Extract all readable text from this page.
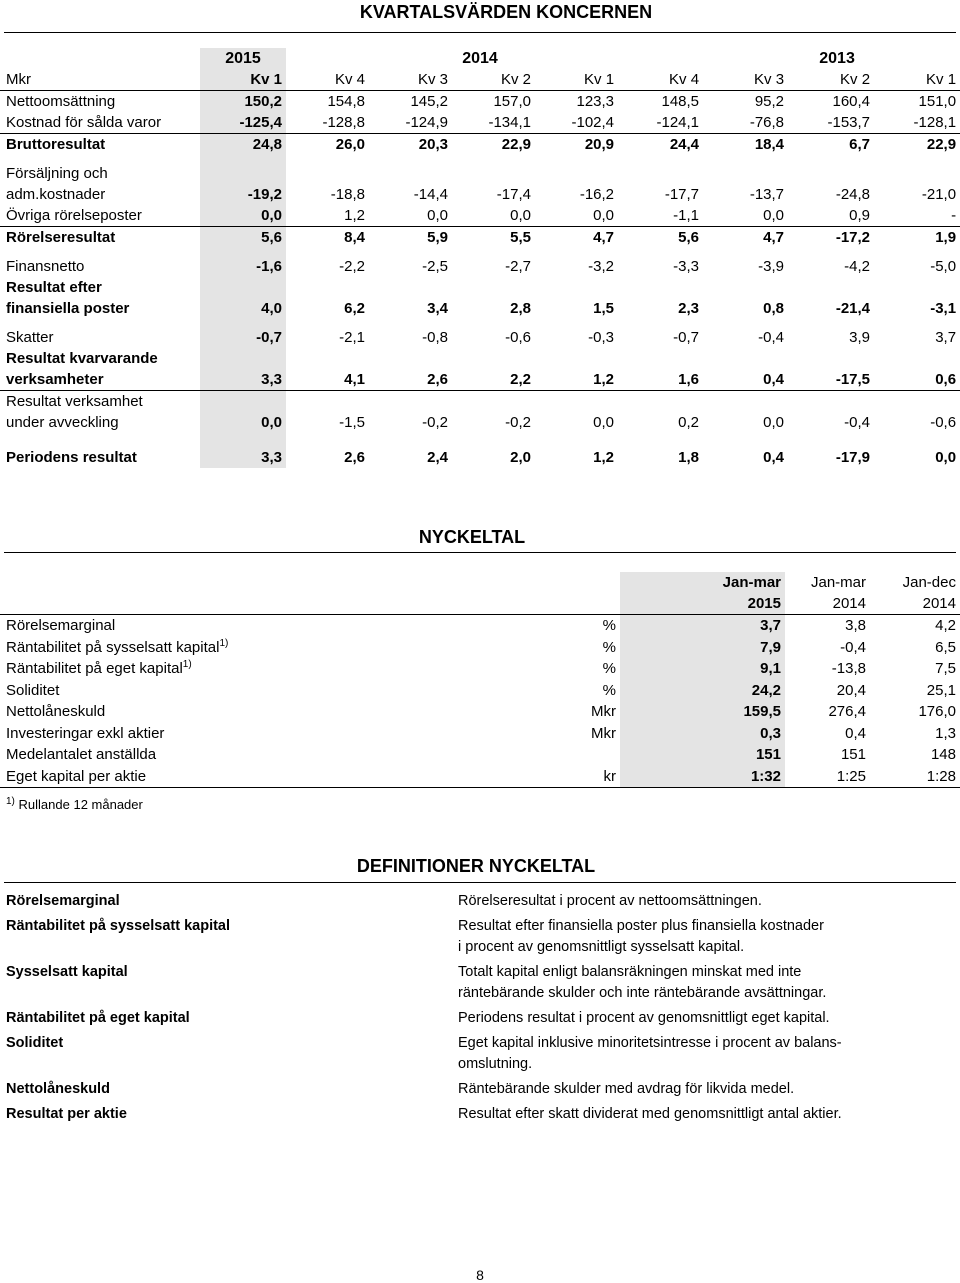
KVARTALSVÄRDEN KONCERNEN
	2015	2014				2013			
Mkr	Kv 1	Kv 4	Kv 3	Kv 2	Kv 1	Kv 4	Kv 3	Kv 2	Kv 1

Nettoomsättning	150,2	154,8	145,2	157,0	123,3	148,5	95,2	160,4	151,0

Kostnad för sålda varor	-125,4	-128,8	-124,9	-134,1	-102,4	-124,1	-76,8	-153,7	-128,1

Bruttoresultat	24,8	26,0	20,3	22,9	20,9	24,4	18,4	6,7	22,9

Försäljning och
adm.kostnader	-19,2	-18,8	-14,4	-17,4	-16,2	-17,7	-13,7	-24,8	-21,0

Övriga rörelseposter	0,0	1,2	0,0	0,0	0,0	-1,1	0,0	0,9	-

Rörelseresultat	5,6	8,4	5,9	5,5	4,7	5,6	4,7	-17,2	1,9

Finansnetto	-1,6	-2,2	-2,5	-2,7	-3,2	-3,3	-3,9	-4,2	-5,0

Resultat efter
finansiella poster	4,0	6,2	3,4	2,8	1,5	2,3	0,8	-21,4	-3,1

Skatter	-0,7	-2,1	-0,8	-0,6	-0,3	-0,7	-0,4	3,9	3,7

Resultat kvarvarande
verksamheter	3,3	4,1	2,6	2,2	1,2	1,6	0,4	-17,5	0,6

Resultat verksamhet
under avveckling	0,0	-1,5	-0,2	-0,2	0,0	0,2	0,0	-0,4	-0,6

Periodens resultat	3,3	2,6	2,4	2,0	1,2	1,8	0,4	-17,9	0,0
NYCKELTAL
		Jan-mar	Jan-mar	Jan-dec
		2015	2014	2014
Rörelsemarginal	%	3,7	3,8	4,2
Räntabilitet på sysselsatt kapital$^{1)}$	%	7,9	-0,4	6,5
Räntabilitet på eget kapital$^{1)}$	%	9,1	-13,8	7,5
Soliditet	%	24,2	20,4	25,1
Nettolåneskuld	Mkr	159,5	276,4	176,0
Investeringar exkl aktier	Mkr	0,3	0,4	1,3
Medelantalet anställda		151	151	148
Eget kapital per aktie	kr	1:32	1:25	1:28
$^{1)}$ Rullande 12 månader
DEFINITIONER NYCKELTAL
Rörelsemarginal	Rörelseresultat i procent av nettoomsättningen.
Räntabilitet på sysselsatt kapital	Resultat efter finansiella poster plus finansiella kostnader
i procent av genomsnittligt sysselsatt kapital.
Sysselsatt kapital	Totalt kapital enligt balansräkningen minskat med inte
räntebärande skulder och inte räntebärande avsättningar.
Räntabilitet på eget kapital	Periodens resultat i procent av genomsnittligt eget kapital.
Soliditet	Eget kapital inklusive minoritetsintresse i procent av balans-
omslutning.
Nettolåneskuld	Räntebärande skulder med avdrag för likvida medel.
Resultat per aktie	Resultat efter skatt dividerat med genomsnittligt antal aktier.
8
